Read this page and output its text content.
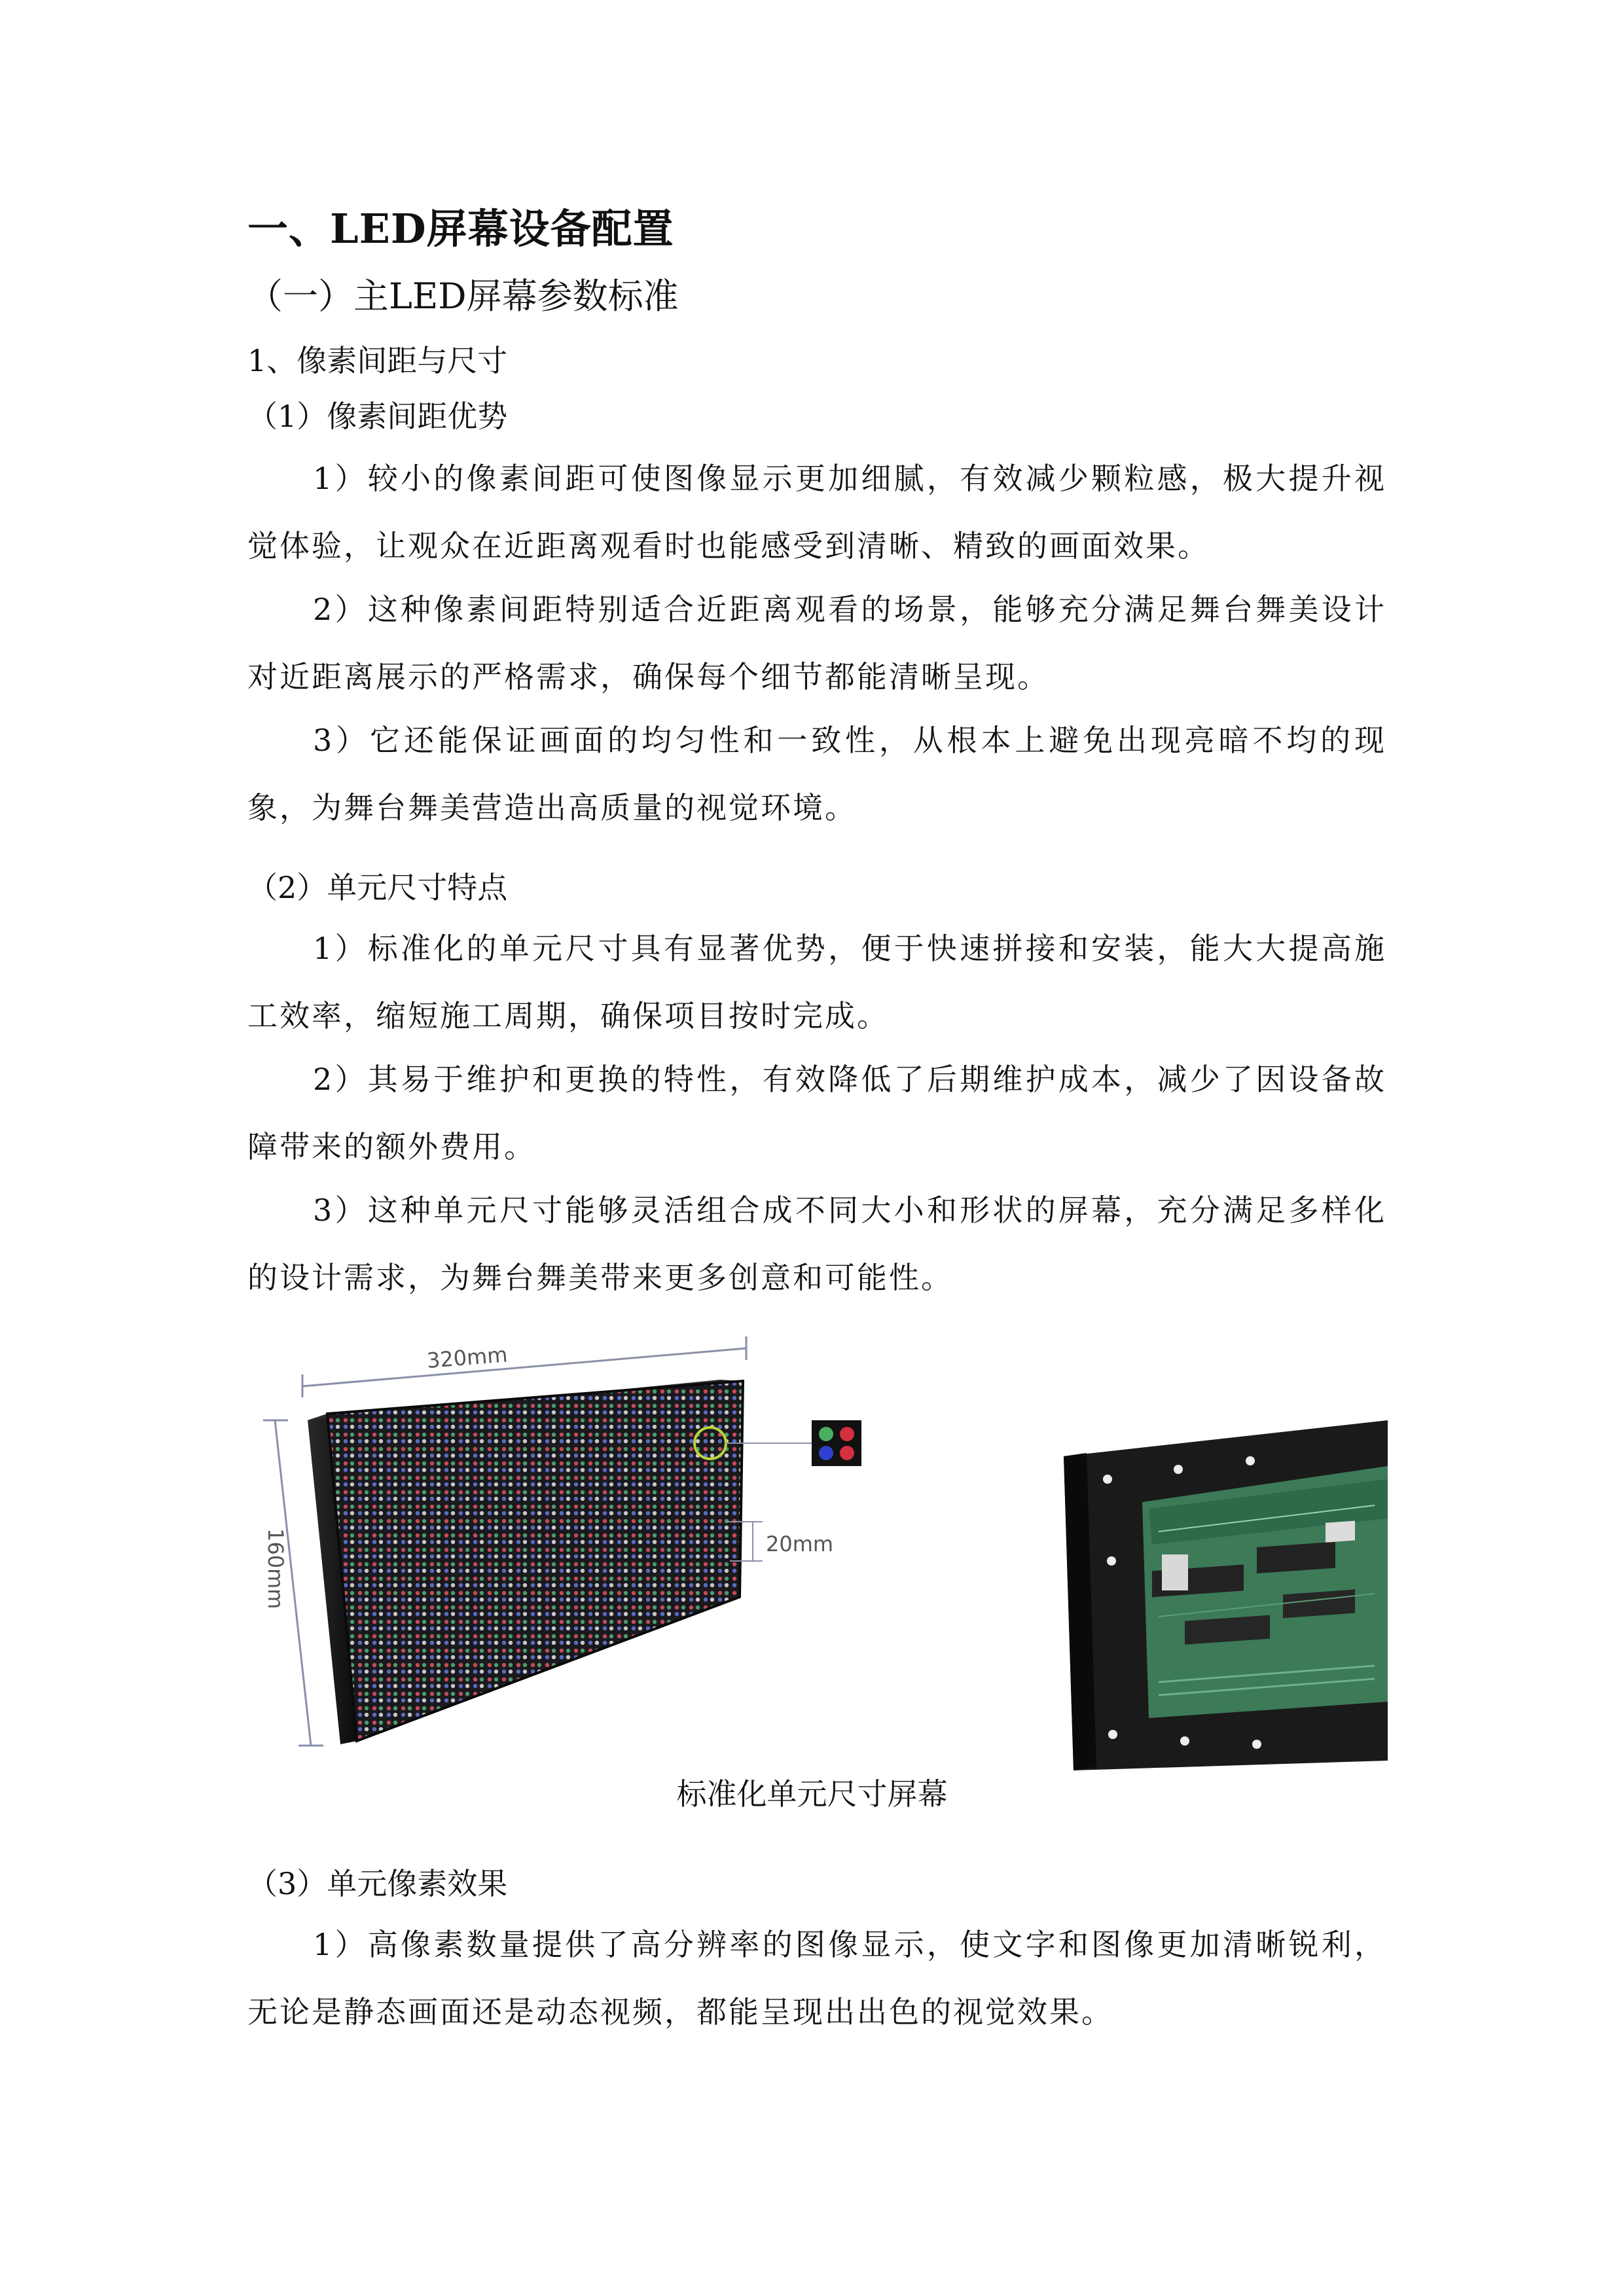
一、LED屏幕设备配置
（一）主LED屏幕参数标准
1、像素间距与尺寸
（1）像素间距优势

1）较小的像素间距可使图像显示更加细腻，有效减少颗粒感，极大提升视觉体验，让观众在近距离观看时也能感受到清晰、精致的画面效果。

2）这种像素间距特别适合近距离观看的场景，能够充分满足舞台舞美设计对近距离展示的严格需求，确保每个细节都能清晰呈现。

3）它还能保证画面的均匀性和一致性，从根本上避免出现亮暗不均的现象，为舞台舞美营造出高质量的视觉环境。

（2）单元尺寸特点

1）标准化的单元尺寸具有显著优势，便于快速拼接和安装，能大大提高施工效率，缩短施工周期，确保项目按时完成。

2）其易于维护和更换的特性，有效降低了后期维护成本，减少了因设备故障带来的额外费用。

3）这种单元尺寸能够灵活组合成不同大小和形状的屏幕，充分满足多样化的设计需求，为舞台舞美带来更多创意和可能性。

320mm
160mm	20mm
标准化单元尺寸屏幕
（3）单元像素效果

1）高像素数量提供了高分辨率的图像显示，使文字和图像更加清晰锐利，无论是静态画面还是动态视频，都能呈现出出色的视觉效果。
